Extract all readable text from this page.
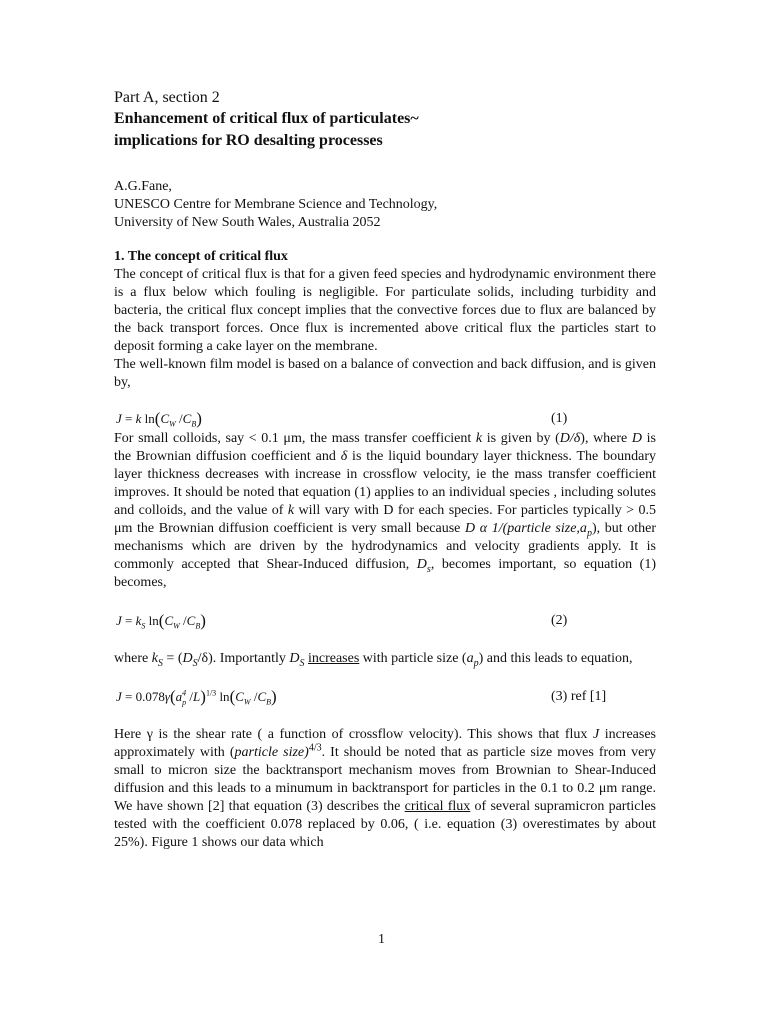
Part A, section 2
Enhancement of critical flux of particulates~
implications for RO desalting processes
A.G.Fane,
UNESCO Centre for Membrane Science and Technology,
University of New South Wales, Australia 2052
1. The concept of critical flux

The concept of critical flux is that for a given feed species and hydrodynamic environment there is a flux below which fouling is negligible. For particulate solids, including turbidity and bacteria, the critical flux concept implies that the convective forces due to flux are balanced by the back transport forces. Once flux is incremented above critical flux the particles start to deposit forming a cake layer on the membrane.

The well-known film model is based on a balance of convection and back diffusion, and is given by,

J = k $\ln(C_W$ $/C_B$)	(1)

For small colloids, say < 0.1 μm, the mass transfer coefficient k is given by (D/δ), where D is the Brownian diffusion coefficient and δ is the liquid boundary layer thickness. The boundary layer thickness decreases with increase in crossflow velocity, ie the mass transfer coefficient improves. It should be noted that equation (1) applies to an individual species , including solutes and colloids, and the value of k will vary with D for each species. For particles typically > 0.5 μm the Brownian diffusion coefficient is very small because D α 1/(particle $size,a_p$), but other mechanisms which are driven by the hydrodynamics and velocity gradients apply. It is commonly accepted that Shear-Induced diffusion, $D_s$, becomes important, so equation (1) becomes,

$J = k_S$ $\ln(C_W$ $/C_B$)	(2)

where $k_S = (D_S/\delta)$. Importantly $D_S$ increases with particle size $(a_p)$ and this leads to equation,

$J = 0.078\gamma(a^4_p$ /L)$^{1/3}$ $\ln(C_W$ $/C_B$)	(3) ref [1]

Here γ is the shear rate ( a function of crossflow velocity). This shows that flux J increases approximately with (particle size)$^{4/3}$. It should be noted that as particle size moves from very small to micron size the backtransport mechanism moves from Brownian to Shear-Induced diffusion and this leads to a minumum in backtransport for particles in the 0.1 to 0.2 μm range. We have shown [2] that equation (3) describes the critical flux of several supramicron particles tested with the coefficient 0.078 replaced by 0.06, ( i.e. equation (3) overestimates by about 25%). Figure 1 shows our data which

1
